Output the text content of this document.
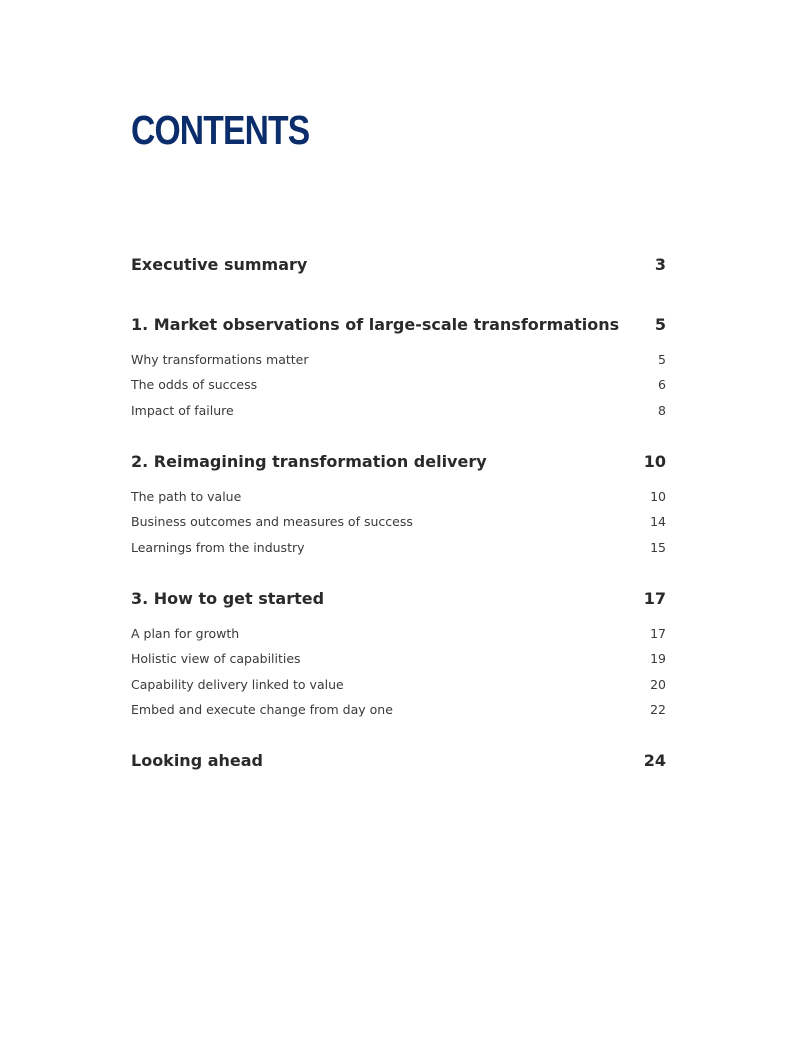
CONTENTS
Executive summary	3
1. Market observations of large-scale transformations 5
Why transformations matter	5
The odds of success	6
Impact of failure	8
2. Reimagining transformation delivery	10
The path to value	10
Business outcomes and measures of success	14
Learnings from the industry	15
3. How to get started	17
A plan for growth	17
Holistic view of capabilities	19
Capability delivery linked to value	20
Embed and execute change from day one	22
Looking ahead	24
